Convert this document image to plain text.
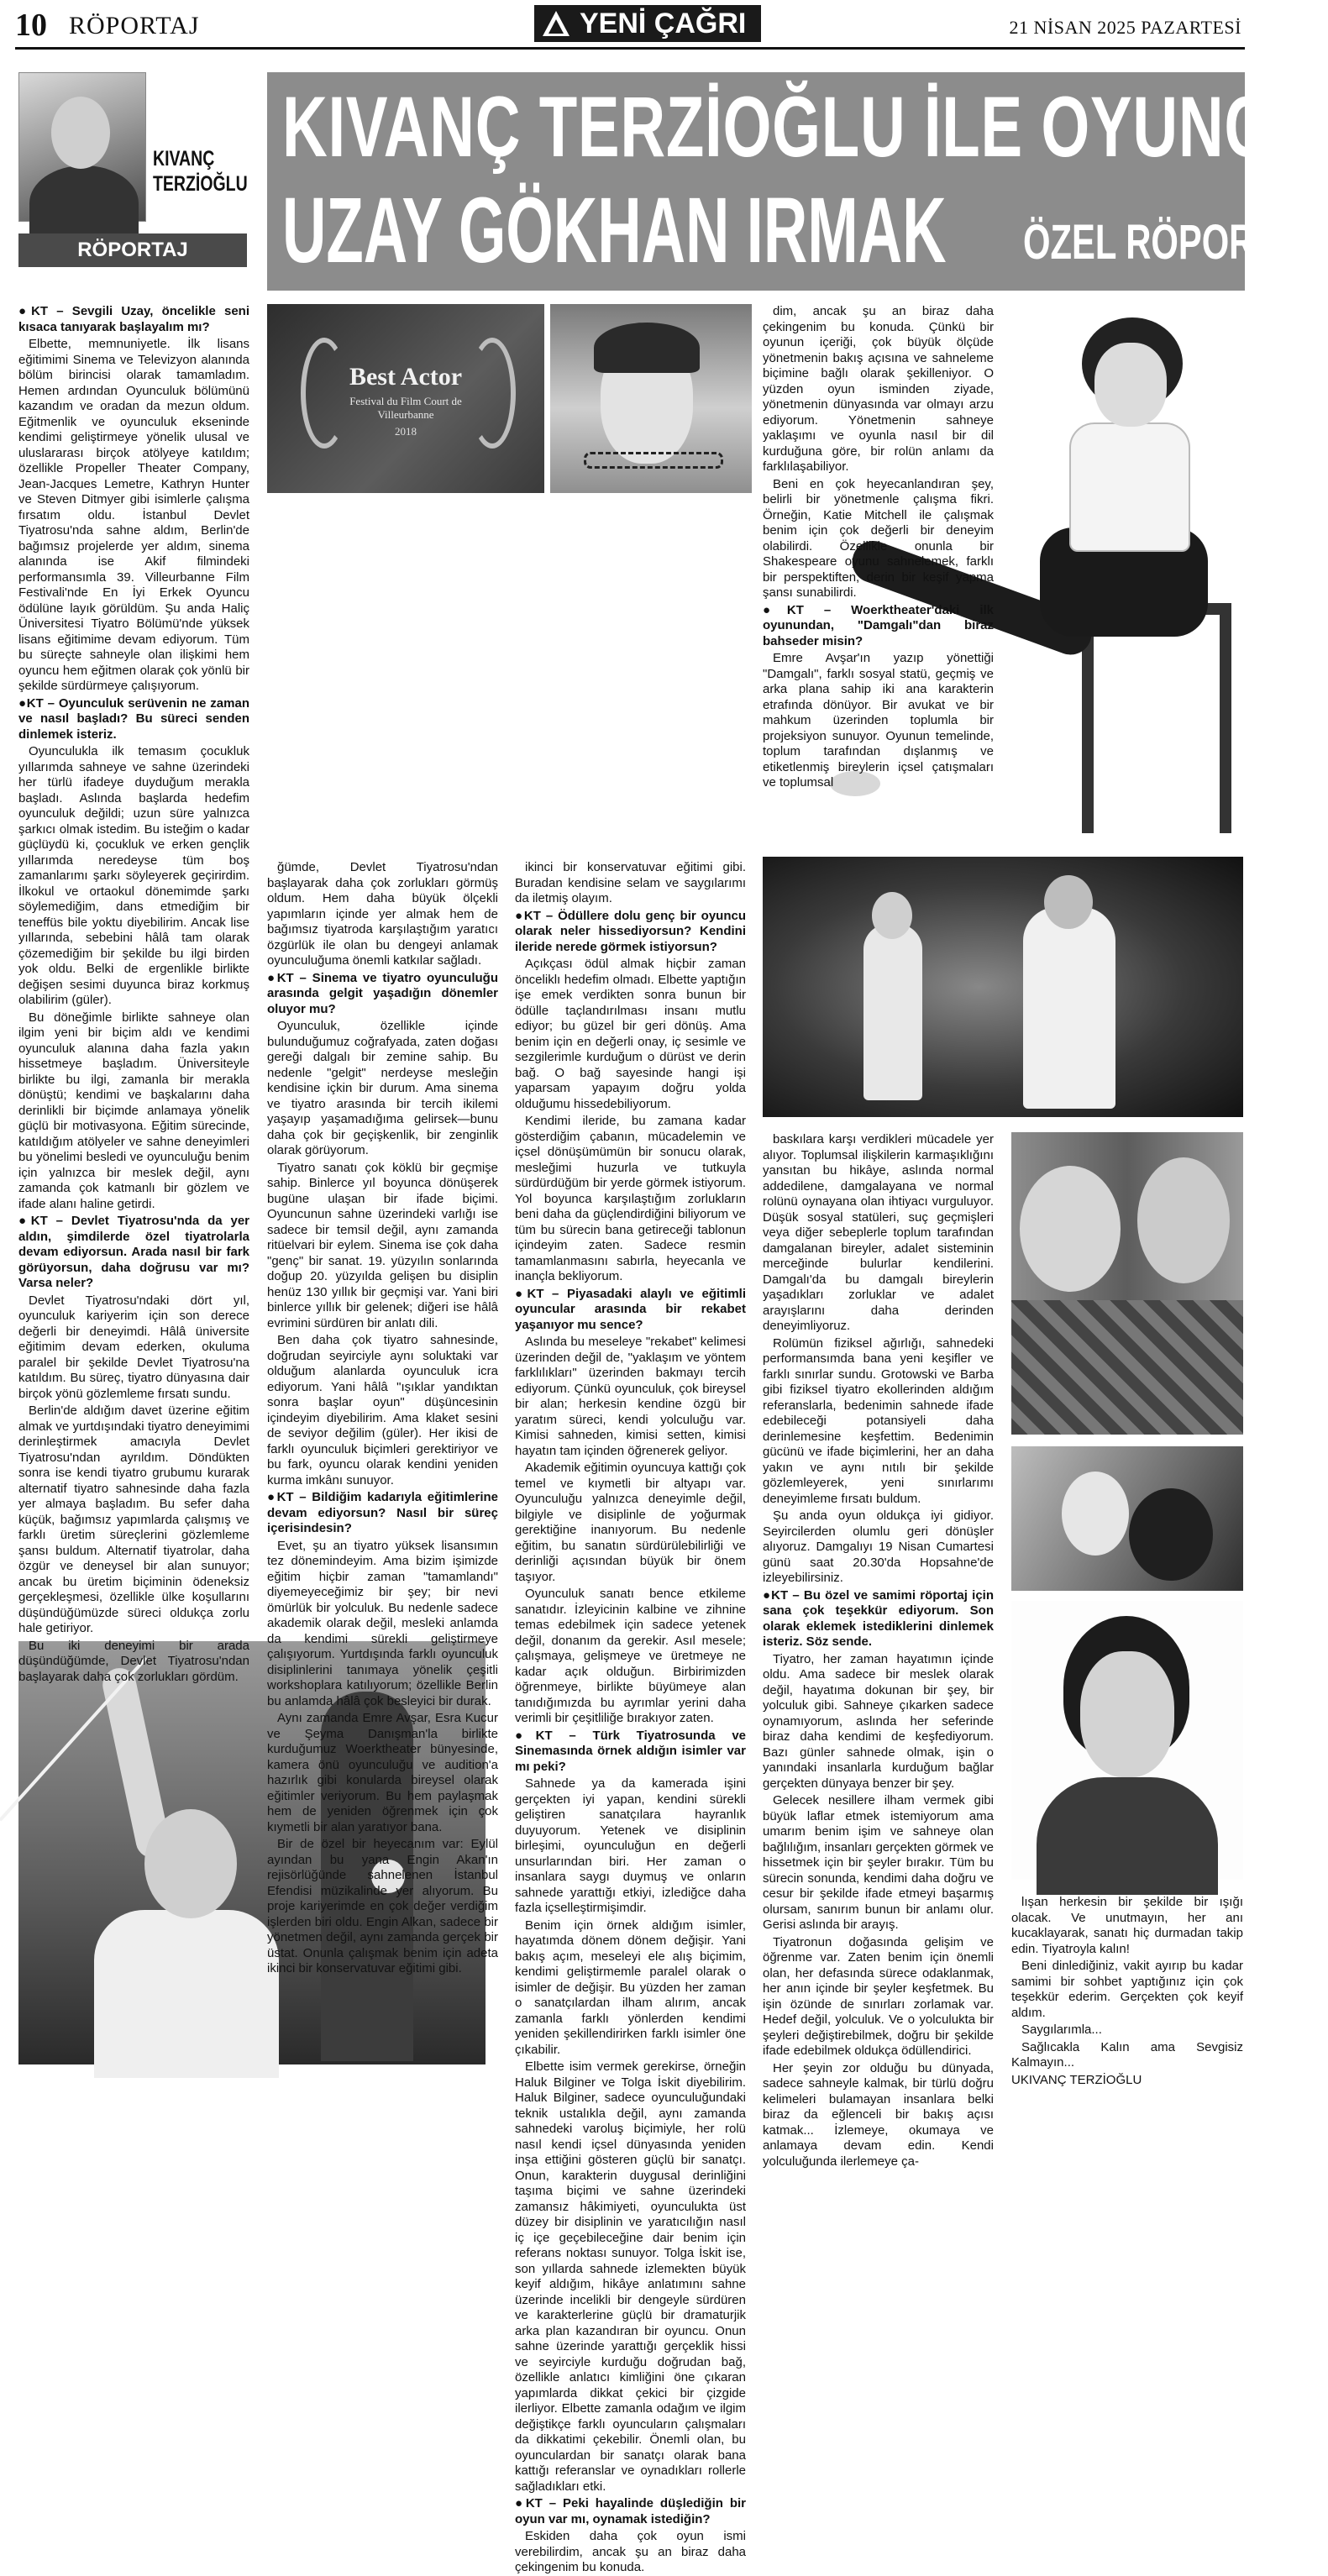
10 RÖPORTAJ	YENİ ÇAĞRI	21 NİSAN 2025 PAZARTESİ
KIVANÇ
TERZİOĞLU
RÖPORTAJ
KIVANÇ TERZİOĞLU İLE OYUNCU
UZAY GÖKHAN IRMAK ÖZEL RÖPORTAJI
Best Actor
Festival du Film Court de Villeurbanne
2018

● KT – Sevgili Uzay, öncelikle seni kısaca tanıyarak başlayalım mı?

Elbette, memnuniyetle. İlk lisans eğitimimi Sinema ve Televizyon alanında bölüm birincisi olarak tamamladım. Hemen ardından Oyunculuk bölümünü kazandım ve oradan da mezun oldum. Eğitmenlik ve oyunculuk ekseninde kendimi geliştirmeye yönelik ulusal ve uluslararası birçok atölyeye katıldım; özellikle Propeller Theater Company, Jean-Jacques Lemetre, Kathryn Hunter ve Steven Ditmyer gibi isimlerle çalışma fırsatım oldu. İstanbul Devlet Tiyatrosu'nda sahne aldım, Berlin'de bağımsız projelerde yer aldım, sinema alanında ise Akif filmindeki performansımla 39. Villeurbanne Film Festivali'nde En İyi Erkek Oyuncu ödülüne layık görüldüm. Şu anda Haliç Üniversitesi Tiyatro Bölümü'nde yüksek lisans eğitimime devam ediyorum. Tüm bu süreçte sahneyle olan ilişkimi hem oyuncu hem eğitmen olarak çok yönlü bir şekilde sürdürmeye çalışıyorum.

● KT – Oyunculuk serüvenin ne zaman ve nasıl başladı? Bu süreci senden dinlemek isteriz.

Oyunculukla ilk temasım çocukluk yıllarımda sahneye ve sahne üzerindeki her türlü ifadeye duyduğum merakla başladı. Aslında başlarda hedefim oyunculuk değildi; uzun süre yalnızca şarkıcı olmak istedim. Bu isteğim o kadar güçlüydü ki, çocukluk ve erken gençlik yıllarımda neredeyse tüm boş zamanlarımı şarkı söyleyerek geçirirdim. İlkokul ve ortaokul dönemimde şarkı söylemediğim, dans etmediğim bir teneffüs bile yoktu diyebilirim. Ancak lise yıllarında, sebebini hâlâ tam olarak çözemediğim bir şekilde bu ilgi birden yok oldu. Belki de ergenlikle birlikte değişen sesimi duyunca biraz korkmuş olabilirim (güler).

Bu döneğimle birlikte sahneye olan ilgim yeni bir biçim aldı ve kendimi oyunculuk alanına daha fazla yakın hissetmeye başladım. Üniversiteyle birlikte bu ilgi, zamanla bir merakla dönüştü; kendimi ve başkalarını daha derinlikli bir biçimde anlamaya yönelik güçlü bir motivasyona. Eğitim sürecinde, katıldığım atölyeler ve sahne deneyimleri bu yönelimi besledi ve oyunculuğu benim için yalnızca bir meslek değil, aynı zamanda çok katmanlı bir gözlem ve ifade alanı haline getirdi.

● KT – Devlet Tiyatrosu'nda da yer aldın, şimdilerde özel tiyatrolarla devam ediyorsun. Arada nasıl bir fark görüyorsun, daha doğrusu var mı? Varsa neler?

Devlet Tiyatrosu'ndaki dört yıl, oyunculuk kariyerim için son derece değerli bir deneyimdi. Hâlâ üniversite eğitimim devam ederken, okuluma paralel bir şekilde Devlet Tiyatrosu'na katıldım. Bu süreç, tiyatro dünyasına dair birçok yönü gözlemleme fırsatı sundu.

Berlin'de aldığım davet üzerine eğitim almak ve yurtdışındaki tiyatro deneyimimi derinleştirmek amacıyla Devlet Tiyatrosu'ndan ayrıldım. Döndükten sonra ise kendi tiyatro grubumu kurarak alternatif tiyatro sahnesinde daha fazla yer almaya başladım. Bu sefer daha küçük, bağımsız yapımlarda çalışmış ve farklı üretim süreçlerini gözlemleme şansı buldum. Alternatif tiyatrolar, daha özgür ve deneysel bir alan sunuyor; ancak bu üretim biçiminin ödeneksiz gerçekleşmesi, özellikle ülke koşullarını düşündüğümüzde süreci oldukça zorlu hale getiriyor.

Bu iki deneyimi bir arada düşündüğümde, Devlet Tiyatrosu'ndan başlayarak daha çok zorlukları gördüm.

ğümde, Devlet Tiyatrosu'ndan başlayarak daha çok zorlukları görmüş oldum. Hem daha büyük ölçekli yapımların içinde yer almak hem de bağımsız tiyatroda karşılaştığım yaratıcı özgürlük ile olan bu dengeyi anlamak oyunculuğuma önemli katkılar sağladı.

● KT – Sinema ve tiyatro oyunculuğu arasında gelgit yaşadığın dönemler oluyor mu?

Oyunculuk, özellikle içinde bulunduğumuz coğrafyada, zaten doğası gereği dalgalı bir zemine sahip. Bu nedenle "gelgit" nerdeyse mesleğin kendisine içkin bir durum. Ama sinema ve tiyatro arasında bir tercih ikilemi yaşayıp yaşamadığıma gelirsek—bunu daha çok bir geçişkenlik, bir zenginlik olarak görüyorum.

Tiyatro sanatı çok köklü bir geçmişe sahip. Binlerce yıl boyunca dönüşerek bugüne ulaşan bir ifade biçimi. Oyuncunun sahne üzerindeki varlığı ise sadece bir temsil değil, aynı zamanda ritüelvari bir eylem. Sinema ise çok daha "genç" bir sanat. 19. yüzyılın sonlarında doğup 20. yüzyılda gelişen bu disiplin henüz 130 yıllık bir geçmişi var. Yani biri binlerce yıllık bir gelenek; diğeri ise hâlâ evrimini sürdüren bir anlatı dili.

Ben daha çok tiyatro sahnesinde, doğrudan seyirciyle aynı soluktaki var olduğum alanlarda oyunculuk icra ediyorum. Yani hâlâ "ışıklar yandıktan sonra başlar oyun" düşüncesinin içindeyim diyebilirim. Ama klaket sesini de seviyor değilim (güler). Her ikisi de farklı oyunculuk biçimleri gerektiriyor ve bu fark, oyuncu olarak kendini yeniden kurma imkânı sunuyor.

● KT – Bildiğim kadarıyla eğitimlerine devam ediyorsun? Nasıl bir süreç içerisindesin?

Evet, şu an tiyatro yüksek lisansımın tez dönemindeyim. Ama bizim işimizde eğitim hiçbir zaman "tamamlandı" diyemeyeceğimiz bir şey; bir nevi ömürlük bir yolculuk. Bu nedenle sadece akademik olarak değil, mesleki anlamda da kendimi sürekli geliştirmeye çalışıyorum. Yurtdışında farklı oyunculuk disiplinlerini tanımaya yönelik çeşitli workshoplara katılıyorum; özellikle Berlin bu anlamda hâlâ çok besleyici bir durak.

Aynı zamanda Emre Avşar, Esra Kucur ve Şeyma Danışman'la birlikte kurduğumuz Woerktheater bünyesinde, kamera önü oyunculuğu ve audition'a hazırlık gibi konularda bireysel olarak eğitimler veriyorum. Bu hem paylaşmak hem de yeniden öğrenmek için çok kıymetli bir alan yaratıyor bana.

Bir de özel bir heyecanım var: Eylül ayından bu yana Engin Akan'ın rejisörlüğünde sahnelenen İstanbul Efendisi müzikalinde yer alıyorum. Bu proje kariyerimde en çok değer verdiğim işlerden biri oldu. Engin Alkan, sadece bir yönetmen değil, aynı zamanda gerçek bir üstat. Onunla çalışmak benim için adeta ikinci bir konservatuvar eğitimi gibi.

ikinci bir konservatuvar eğitimi gibi. Buradan kendisine selam ve saygılarımı da iletmiş olayım.

● KT – Ödüllere dolu genç bir oyuncu olarak neler hissediyorsun? Kendini ileride nerede görmek istiyorsun?

Açıkçası ödül almak hiçbir zaman önceliklı hedefim olmadı. Elbette yaptığın işe emek verdikten sonra bunun bir ödülle taçlandırılması insanı mutlu ediyor; bu güzel bir geri dönüş. Ama benim için en değerli onay, iç sesimle ve sezgilerimle kurduğum o dürüst ve derin bağ. O bağ sayesinde hangi işi yaparsam yapayım doğru yolda olduğumu hissedebiliyorum.

Kendimi ileride, bu zamana kadar gösterdiğim çabanın, mücadelemin ve içsel dönüşümümün bir sonucu olarak, mesleğimi huzurla ve tutkuyla sürdürdüğüm bir yerde görmek istiyorum. Yol boyunca karşılaştığım zorlukların beni daha da güçlendirdiğini biliyorum ve tüm bu sürecin bana getireceği tablonun içindeyim zaten. Sadece resmin tamamlanmasını sabırla, heyecanla ve inançla bekliyorum.

● KT – Piyasadaki alaylı ve eğitimli oyuncular arasında bir rekabet yaşanıyor mu sence?

Aslında bu meseleye "rekabet" kelimesi üzerinden değil de, "yaklaşım ve yöntem farklılıkları" üzerinden bakmayı tercih ediyorum. Çünkü oyunculuk, çok bireysel bir alan; herkesin kendine özgü bir yaratım süreci, kendi yolculuğu var. Kimisi sahneden, kimisi setten, kimisi hayatın tam içinden öğrenerek geliyor.

Akademik eğitimin oyuncuya kattığı çok temel ve kıymetli bir altyapı var. Oyunculuğu yalnızca deneyimle değil, bilgiyle ve disiplinle de yoğurmak gerektiğine inanıyorum. Bu nedenle eğitim, bu sanatın sürdürülebilirliği ve derinliği açısından büyük bir önem taşıyor.

Oyunculuk sanatı bence etkileme sanatıdır. İzleyicinin kalbine ve zihnine temas edebilmek için sadece yetenek değil, donanım da gerekir. Asıl mesele; çalışmaya, gelişmeye ve üretmeye ne kadar açık olduğun. Birbirimizden öğrenmeye, birlikte büyümeye alan tanıdığımızda bu ayrımlar yerini daha verimli bir çeşitliliğe bırakıyor zaten.

● KT – Türk Tiyatrosunda ve Sinemasında örnek aldığın isimler var mı peki?

Sahnede ya da kamerada işini gerçekten iyi yapan, kendini sürekli geliştiren sanatçılara hayranlık duyuyorum. Yetenek ve disiplinin birleşimi, oyunculuğun en değerli unsurlarından biri. Her zaman o insanlara saygı duymuş ve onların sahnede yarattığı etkiyi, izlediğce daha fazla içselleştirmişimdir.

Benim için örnek aldığım isimler, hayatımda dönem dönem değişir. Yani bakış açım, meseleyi ele alış biçimim, kendimi geliştirmemle paralel olarak o isimler de değişir. Bu yüzden her zaman o sanatçılardan ilham alırım, ancak zamanla farklı yönlerden kendimi yeniden şekillendirirken farklı isimler öne çıkabilir.

Elbette isim vermek gerekirse, örneğin Haluk Bilginer ve Tolga İskit diyebilirim. Haluk Bilginer, sadece oyunculuğundaki teknik ustalıkla değil, aynı zamanda sahnedeki varoluş biçimiyle, her rolü nasıl kendi içsel dünyasında yeniden inşa ettiğini gösteren güçlü bir sanatçı. Onun, karakterin duygusal derinliğini taşıma biçimi ve sahne üzerindeki zamansız hâkimiyeti, oyunculukta üst düzey bir disiplinin ve yaratıcılığın nasıl iç içe geçebileceğine dair benim için referans noktası sunuyor. Tolga İskit ise, son yıllarda sahnede izlemekten büyük keyif aldığım, hikâye anlatımını sahne üzerinde incelikli bir dengeyle sürdüren ve karakterlerine güçlü bir dramaturjik arka plan kazandıran bir oyuncu. Onun sahne üzerinde yarattığı gerçeklik hissi ve seyirciyle kurduğu doğrudan bağ, özellikle anlatıcı kimliğini öne çıkaran yapımlarda dikkat çekici bir çizgide ilerliyor. Elbette zamanla odağım ve ilgim değiştikçe farklı oyuncuların çalışmaları da dikkatimi çekebilir. Önemli olan, bu oyunculardan bir sanatçı olarak bana kattığı referanslar ve oynadıkları rollerle sağladıkları etki.

● KT – Peki hayalinde düşlediğin bir oyun var mı, oynamak istediğin?

Eskiden daha çok oyun ismi verebilirdim, ancak şu an biraz daha çekingenim bu konuda.

dim, ancak şu an biraz daha çekingenim bu konuda. Çünkü bir oyunun içeriği, çok büyük ölçüde yönetmenin bakış açısına ve sahneleme biçimine bağlı olarak şekilleniyor. O yüzden oyun isminden ziyade, yönetmenin dünyasında var olmayı arzu ediyorum. Yönetmenin sahneye yaklaşımı ve oyunla nasıl bir dil kurduğuna göre, bir rolün anlamı da farklılaşabiliyor.

Beni en çok heyecanlandıran şey, belirli bir yönetmenle çalışma fikri. Örneğin, Katie Mitchell ile çalışmak benim için çok değerli bir deneyim olabilirdi. Özellikle onunla bir Shakespeare oyunu sahnelemek, farklı bir perspektiften, derin bir keşif yapma şansı sunabilirdi.

● KT – Woerktheater'daki ilk oyunundan, "Damgalı"dan biraz bahseder misin?

Emre Avşar'ın yazıp yönettiği "Damgalı", farklı sosyal statü, geçmiş ve arka plana sahip iki ana karakterin etrafında dönüyor. Bir avukat ve bir mahkum üzerinden toplumla bir projeksiyon sunuyor. Oyunun temelinde, toplum tarafından dışlanmış ve etiketlenmiş bireylerin içsel çatışmaları ve toplumsal

baskılara karşı verdikleri mücadele yer alıyor. Toplumsal ilişkilerin karmaşıklığını yansıtan bu hikâye, aslında normal addedilene, damgalayana ve normal rolünü oynayana olan ihtiyacı vurguluyor. Düşük sosyal statüleri, suç geçmişleri veya diğer sebeplerle toplum tarafından damgalanan bireyler, adalet sisteminin merceğinde bulurlar kendilerini. Damgalı'da bu damgalı bireylerin yaşadıkları zorluklar ve adalet arayışlarını daha derinden deneyimliyoruz.

Rolümün fiziksel ağırlığı, sahnedeki performansımda bana yeni keşifler ve farklı sınırlar sundu. Grotowski ve Barba gibi fiziksel tiyatro ekollerinden aldığım referanslarla, bedenimin sahnede ifade edebileceği potansiyeli daha derinlemesine keşfettim. Bedenimin gücünü ve ifade biçimlerini, her an daha yakın ve aynı nıtılı bir şekilde gözlemleyerek, yeni sınırlarımı deneyimleme fırsatı buldum.

Şu anda oyun oldukça iyi gidiyor. Seyircilerden olumlu geri dönüşler alıyoruz. Damgalıyı 19 Nisan Cumartesi günü saat 20.30'da Hopsahne'de izleyebilirsiniz.

● KT – Bu özel ve samimi röportaj için sana çok teşekkür ediyorum. Son olarak eklemek istediklerini dinlemek isteriz. Söz sende.

Tiyatro, her zaman hayatımın içinde oldu. Ama sadece bir meslek olarak değil, hayatıma dokunan bir şey, bir yolculuk gibi. Sahneye çıkarken sadece oynamıyorum, aslında her seferinde biraz daha kendimi de keşfediyorum. Bazı günler sahnede olmak, işin o yanındaki insanlarla kurduğum bağlar gerçekten dünyaya benzer bir şey.

Gelecek nesillere ilham vermek gibi büyük laflar etmek istemiyorum ama umarım benim işim ve sahneye olan bağlılığım, insanları gerçekten görmek ve hissetmek için bir şeyler bırakır. Tüm bu sürecin sonunda, kendimi daha doğru ve cesur bir şekilde ifade etmeyi başarmış olursam, sanırım bunun bir anlamı olur. Gerisi aslında bir arayış.

Tiyatronun doğasında gelişim ve öğrenme var. Zaten benim için önemli olan, her defasında sürece odaklanmak, her anın içinde bir şeyler keşfetmek. Bu işin özünde de sınırları zorlamak var. Hedef değil, yolculuk. Ve o yolculukta bir şeyleri değiştirebilmek, doğru bir şekilde ifade edebilmek oldukça ödüllendirici.

Her şeyin zor olduğu bu dünyada, sadece sahneyle kalmak, bir türlü doğru kelimeleri bulamayan insanlara belki biraz da eğlenceli bir bakış açısı katmak... İzlemeye, okumaya ve anlamaya devam edin. Kendi yolculuğunda ilerlemeye ça-

lışan herkesin bir şekilde bir ışığı olacak. Ve unutmayın, her anı kucaklayarak, sanatı hiç durmadan takip edin. Tiyatroyla kalın!

Beni dinlediğiniz, vakit ayırıp bu kadar samimi bir sohbet yaptığınız için çok teşekkür ederim. Gerçekten çok keyif aldım.

Saygılarımla...

Sağlıcakla Kalın ama Sevgisiz Kalmayın...

UKIVANÇ TERZİOĞLU
